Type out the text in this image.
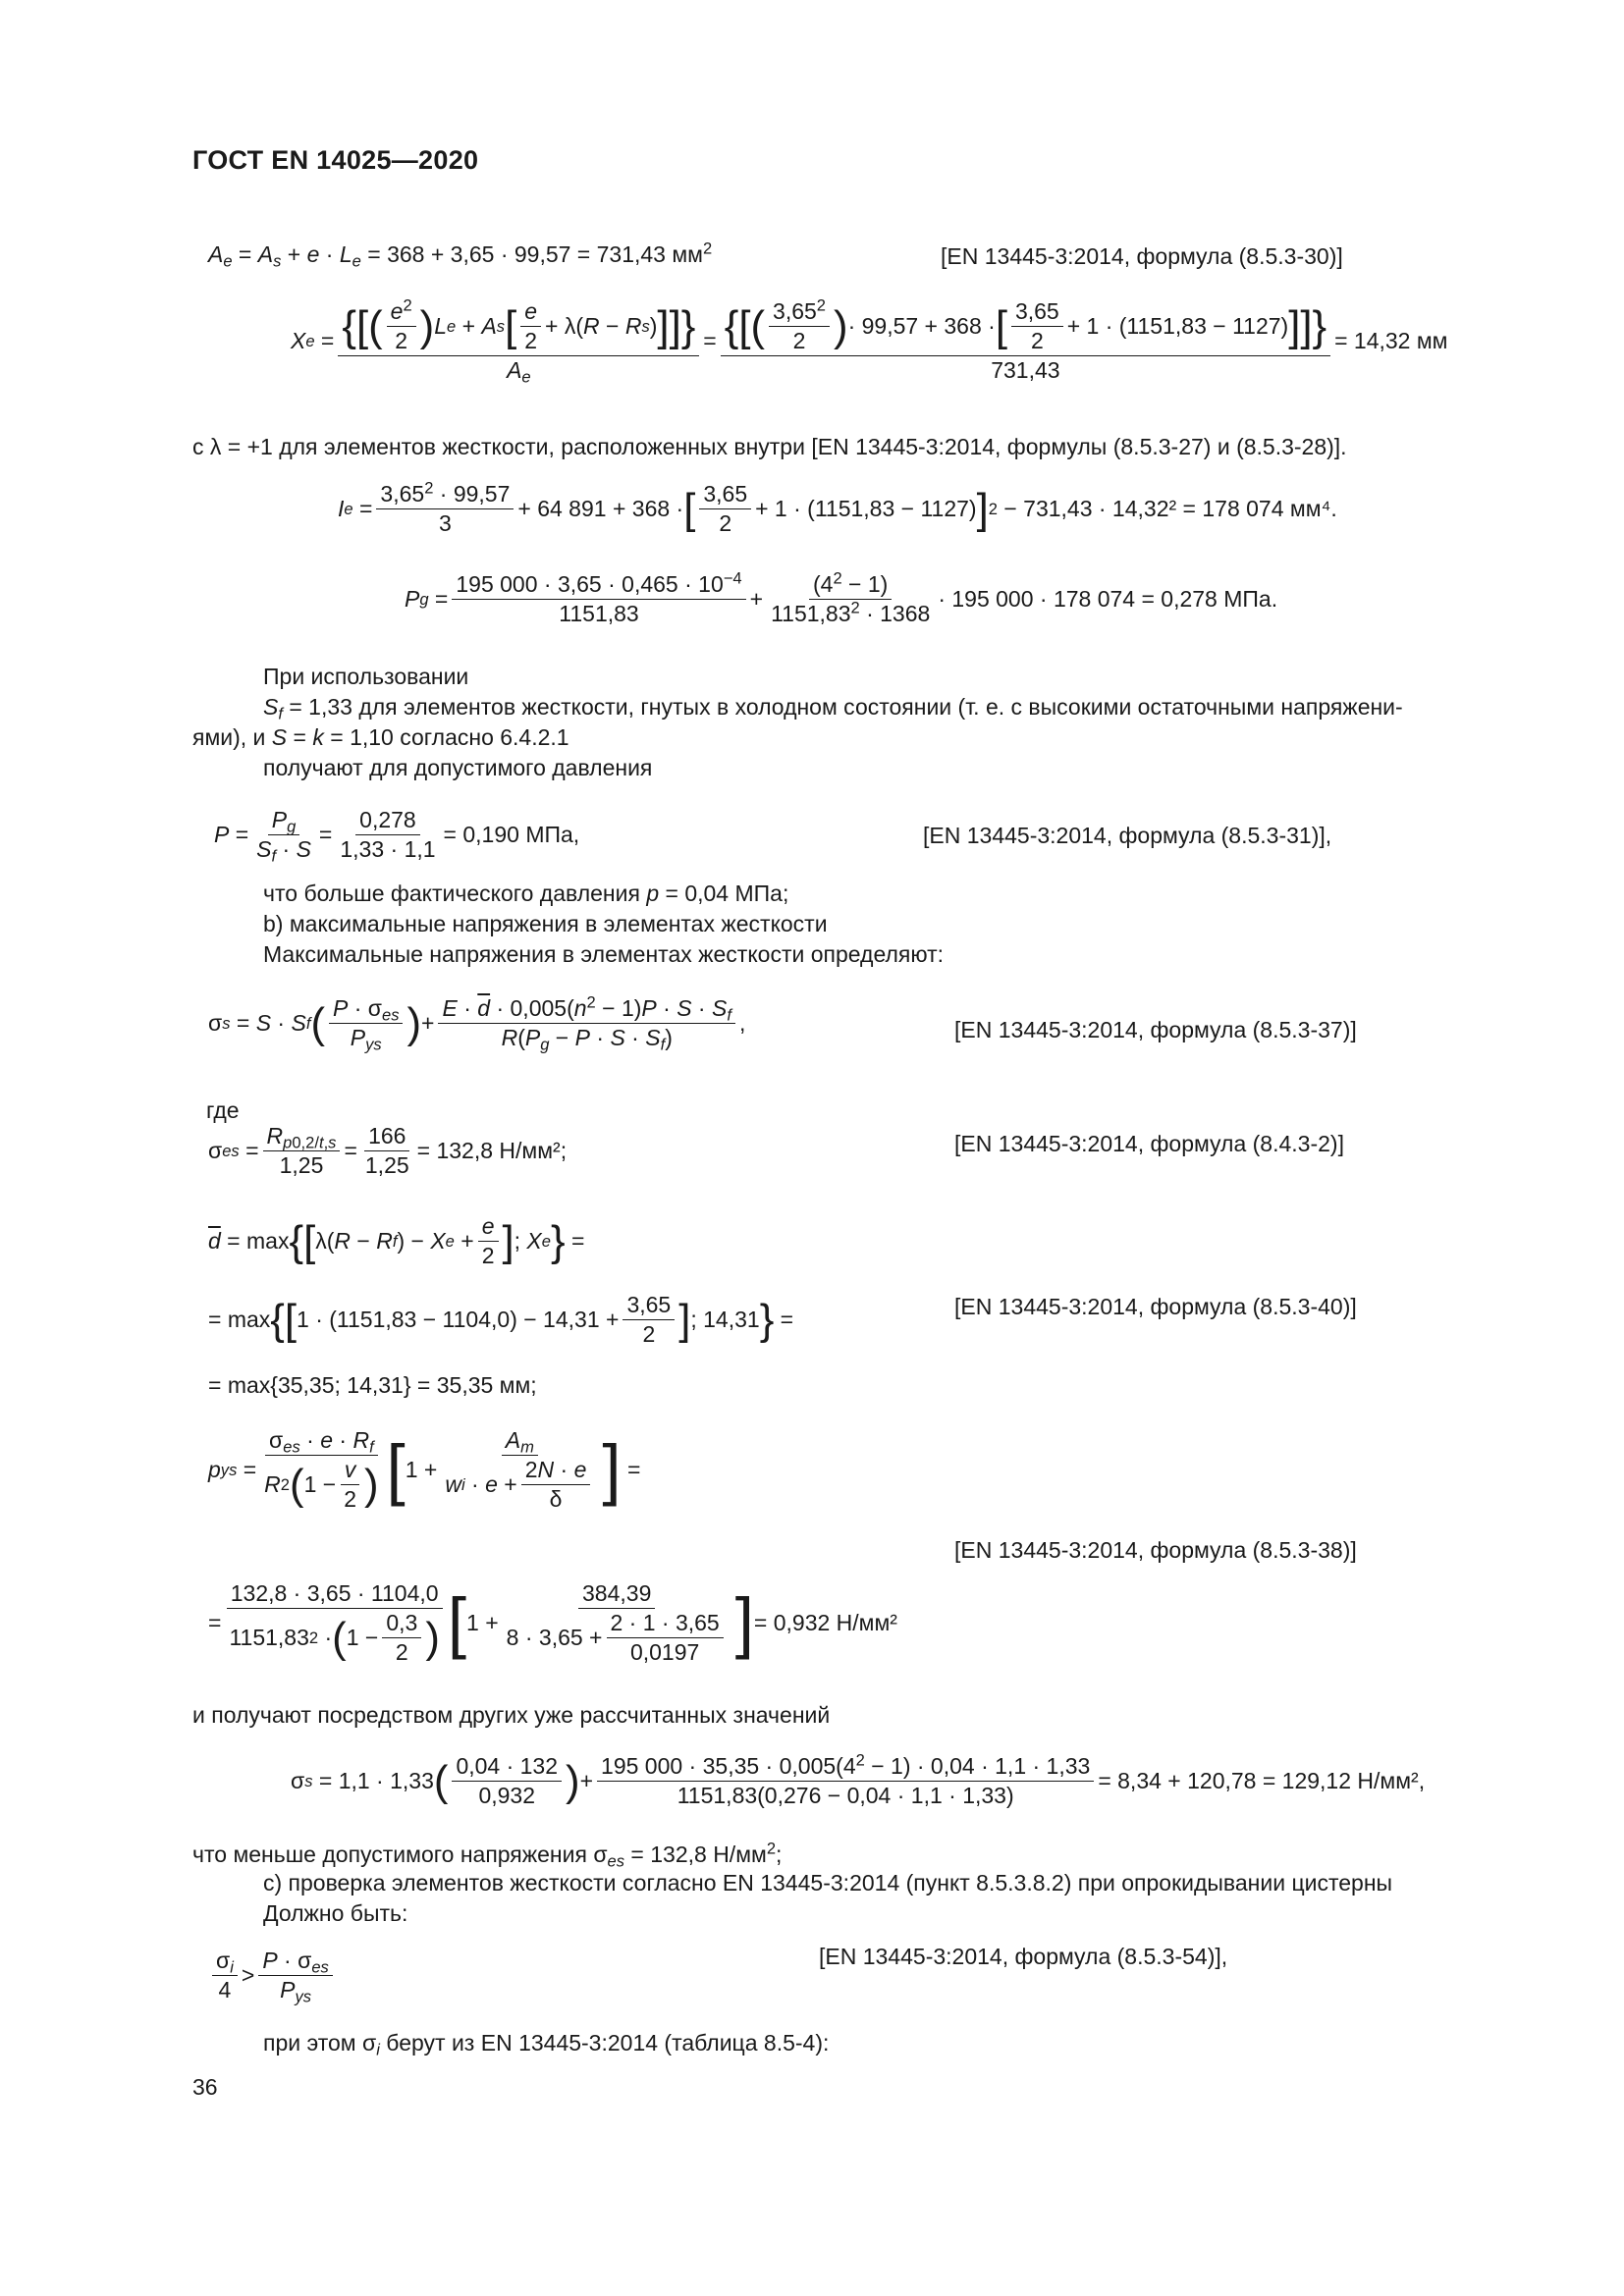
ГОСТ EN 14025—2020
$A_e = A_s + e \cdot L_e = 368 + 3,65 \cdot 99,57 = 731,43$ $мм^2$	[EN 13445-3:2014, формула (8.5.3-30)]
X $e = \frac{\{ [ ( \frac{e^2}{2} ) L e + A s [ \frac{e}{2} + \lambda( R - R s ) ] ] \}}{A_e} = \frac{\{ [ ( \frac{3,65^2}{2} ) \cdot 99,57 + 368 \cdot [ \frac{3,65}{2} + 1 \cdot (1151,83 - 1127) ] ] \}}{731,43} = 14,32$ мм
с λ = +1 для элементов жесткости, расположенных внутри [EN 13445-3:2014, формулы (8.5.3-27) и (8.5.3-28)].
I $e = \frac{3,65^2 \cdot 99,57}{3} + 64$ 891 + 368 · [ $\frac{3,65}{2} + 1 \cdot (1151,83 - 1127)$ ] 2
− 731,43 · 14,32² = 178 074 мм⁴.
P $g = \frac{195 000 \cdot 3,65 \cdot 0,465 \cdot 10^{-4}}{1151,83} + \frac{(4^2 - 1)}{1151,83^2 \cdot 1368} \cdot 195$ 000 · 178 074 = 0,278 МПа.
При использовании
$S_f = 1,33$ для элементов жесткости, гнутых в холодном состоянии (т. е. с высокими остаточными напряжени-
ями), и S = k = 1,10 согласно 6.4.2.1
получают для допустимого давления
$P = \frac{P_g}{S_f \cdot S} = \frac{0,278}{1,33 \cdot 1,1} = 0,190$ МПа,	[EN 13445-3:2014, формула (8.5.3-31)],
что больше фактического давления p = 0,04 МПа;
b) максимальные напряжения в элементах жесткости
Максимальные напряжения в элементах жесткости определяют:
σ s = S · S f ( $\frac{P \cdot \sigma_{es}}{P_{ys}}$ ) + $\frac{E \cdot \overline{d} \cdot 0,005(n^2 - 1)P \cdot S \cdot S_f}{R(P_g - P \cdot S \cdot S_f)}$ ,	[EN 13445-3:2014, формула (8.5.3-37)]
где
σ es = $\frac{R_{p0,2/t,s}}{1,25} = \frac{166}{1,25} = 132,8$ Н/мм²;	[EN 13445-3:2014, формула (8.4.3-2)]
$\overline{d} = \max$ { [ λ( R − R f ) − X $e + \frac{e}{2}$ ] ; X e } =
= max { [ $1 \cdot (1151,83 - 1104,0) - 14,31 + \frac{3,65}{2}$ ] ; 14,31 } =	[EN 13445-3:2014, формула (8.5.3-40)]
= max{35,35; 14,31} = 35,35 мм;
p ys = $\frac{\sigma_{es} \cdot e \cdot R_f}{R 2 ( 1 - \frac{v}{2} )}$ [ $1 + \frac{A_m}{w i \cdot e + \frac{2N \cdot e}{\delta}}$ ] =
[EN 13445-3:2014, формула (8.5.3-38)]
= $\frac{132,8 \cdot 3,65 \cdot 1104,0}{1151,83 2 \cdot ( 1 - \frac{0,3}{2} )}$ [ $1 + \frac{384,39}{8 \cdot 3,65 + \frac{2 \cdot 1 \cdot 3,65}{0,0197}}$ ] = 0,932 Н/мм²
и получают посредством других уже рассчитанных значений
σ s = 1,1 · 1,33 ( $\frac{0,04 \cdot 132}{0,932}$ ) + $\frac{195 000 \cdot 35,35 \cdot 0,005(4^2 - 1) \cdot 0,04 \cdot 1,1 \cdot 1,33}{1151,83(0,276 - 0,04 \cdot 1,1 \cdot 1,33)} = 8,34 + 120,78 = 129,12$ Н/мм²,
что меньше допустимого напряжения $\sigma_{es} = 132,8$ $Н/мм^2$;
с) проверка элементов жесткости согласно EN 13445-3:2014 (пункт 8.5.3.8.2) при опрокидывании цистерны
Должно быть:
$\frac{\sigma_i}{4} > \frac{P \cdot \sigma_{es}}{P_{ys}}$	[EN 13445-3:2014, формула (8.5.3-54)],
при этом $\sigma_i$ берут из EN 13445-3:2014 (таблица 8.5-4):
36
